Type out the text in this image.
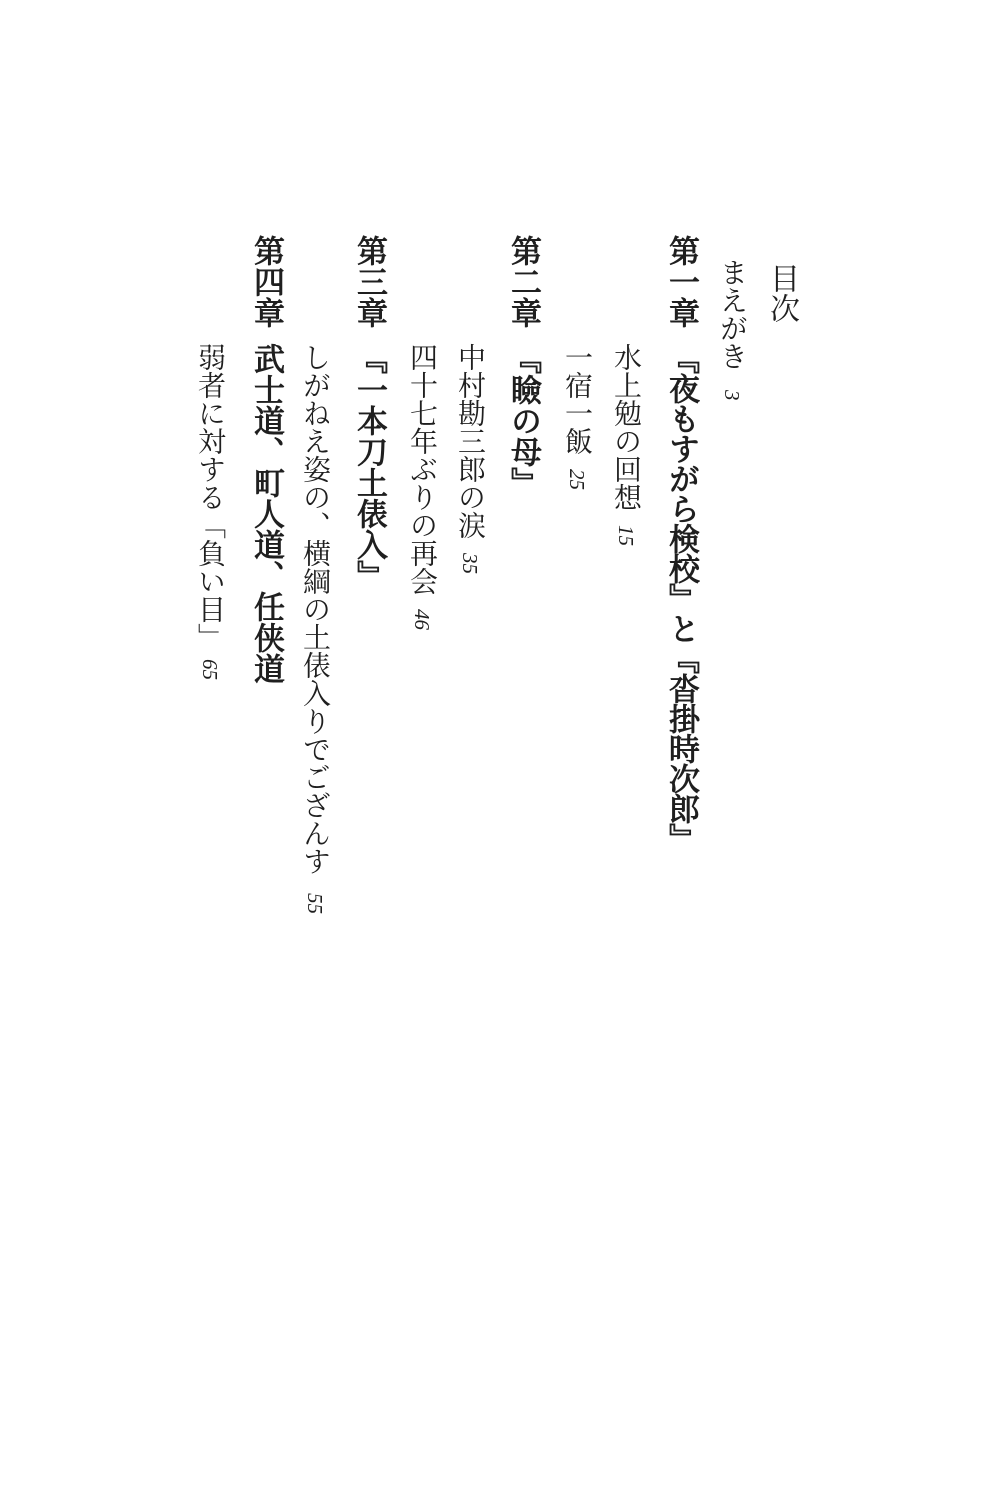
目次
まえがき3
第一章
『夜もすがら検校』と『沓掛時次郎』
水上勉の回想15
一宿一飯25
第二章
『瞼の母』
中村勘三郎の涙35
四十七年ぶりの再会46
第三章
『一本刀土俵入』
しがねえ姿の、横綱の土俵入りでござんす55
第四章
武士道、町人道、任侠道
弱者に対する「負い目」65
